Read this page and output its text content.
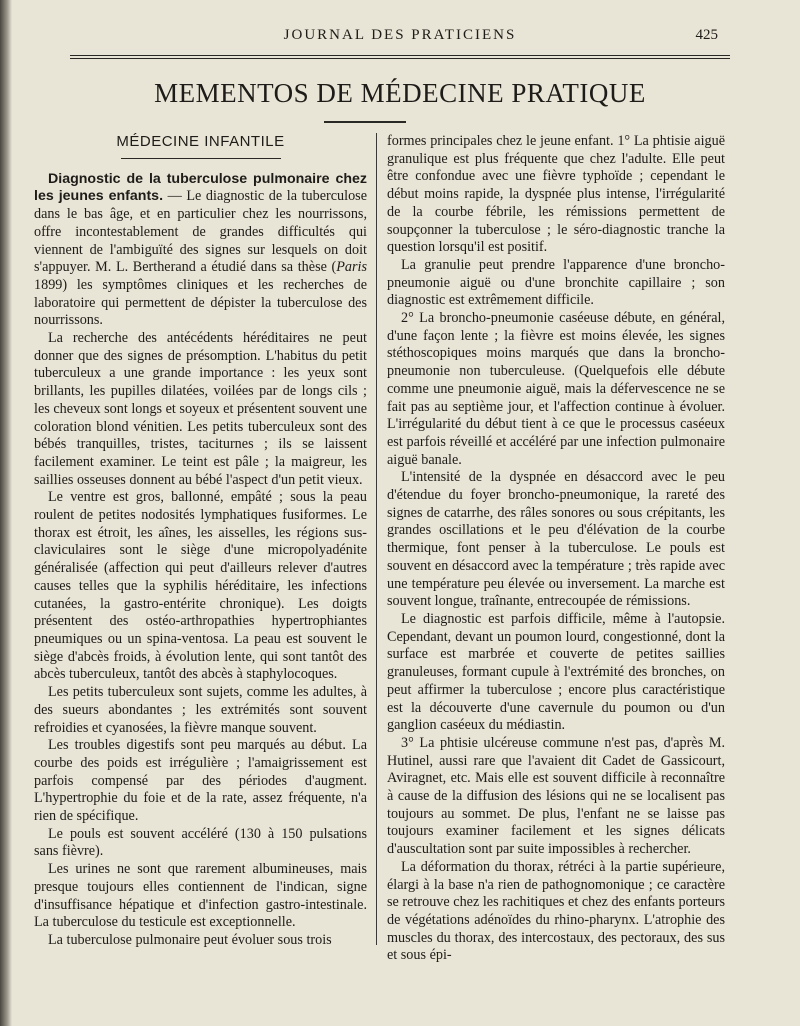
JOURNAL DES PRATICIENS	425
MEMENTOS DE MÉDECINE PRATIQUE
MÉDECINE INFANTILE

Diagnostic de la tuberculose pulmonaire chez les jeunes enfants. — Le diagnostic de la tuberculose dans le bas âge, et en particulier chez les nourrissons, offre incontestablement de grandes difficultés qui viennent de l'ambiguïté des signes sur lesquels on doit s'appuyer. M. L. Bertherand a étudié dans sa thèse (Paris 1899) les symptômes cliniques et les recherches de laboratoire qui permettent de dépister la tuberculose des nourrissons.

La recherche des antécédents héréditaires ne peut donner que des signes de présomption. L'habitus du petit tuberculeux a une grande importance : les yeux sont brillants, les pupilles dilatées, voilées par de longs cils ; les cheveux sont longs et soyeux et présentent souvent une coloration blond vénitien. Les petits tuberculeux sont des bébés tranquilles, tristes, taciturnes ; ils se laissent facilement examiner. Le teint est pâle ; la maigreur, les saillies osseuses donnent au bébé l'aspect d'un petit vieux.

Le ventre est gros, ballonné, empâté ; sous la peau roulent de petites nodosités lymphatiques fusiformes. Le thorax est étroit, les aînes, les aisselles, les régions sus-claviculaires sont le siège d'une micropolyadénite généralisée (affection qui peut d'ailleurs relever d'autres causes telles que la syphilis héréditaire, les infections cutanées, la gastro-entérite chronique). Les doigts présentent des ostéo-arthropathies hypertrophiantes pneumiques ou un spina-ventosa. La peau est souvent le siège d'abcès froids, à évolution lente, qui sont tantôt des abcès tuberculeux, tantôt des abcès à staphylocoques.

Les petits tuberculeux sont sujets, comme les adultes, à des sueurs abondantes ; les extrémités sont souvent refroidies et cyanosées, la fièvre manque souvent.

Les troubles digestifs sont peu marqués au début. La courbe des poids est irrégulière ; l'amaigrissement est parfois compensé par des périodes d'augment. L'hypertrophie du foie et de la rate, assez fréquente, n'a rien de spécifique.

Le pouls est souvent accéléré (130 à 150 pulsations sans fièvre).

Les urines ne sont que rarement albumineuses, mais presque toujours elles contiennent de l'indican, signe d'insuffisance hépatique et d'infection gastro-intestinale. La tuberculose du testicule est exceptionnelle.

La tuberculose pulmonaire peut évoluer sous trois

formes principales chez le jeune enfant. 1° La phtisie aiguë granulique est plus fréquente que chez l'adulte. Elle peut être confondue avec une fièvre typhoïde ; cependant le début moins rapide, la dyspnée plus intense, l'irrégularité de la courbe fébrile, les rémissions permettent de soupçonner la tuberculose ; le séro-diagnostic tranche la question lorsqu'il est positif.

La granulie peut prendre l'apparence d'une broncho-pneumonie aiguë ou d'une bronchite capillaire ; son diagnostic est extrêmement difficile.

2° La broncho-pneumonie caséeuse débute, en général, d'une façon lente ; la fièvre est moins élevée, les signes stéthoscopiques moins marqués que dans la broncho-pneumonie non tuberculeuse. (Quelquefois elle débute comme une pneumonie aiguë, mais la défervescence ne se fait pas au septième jour, et l'affection continue à évoluer. L'irrégularité du début tient à ce que le processus caséeux est parfois réveillé et accéléré par une infection pulmonaire aiguë banale.

L'intensité de la dyspnée en désaccord avec le peu d'étendue du foyer broncho-pneumonique, la rareté des signes de catarrhe, des râles sonores ou sous crépitants, les grandes oscillations et le peu d'élévation de la courbe thermique, font penser à la tuberculose. Le pouls est souvent en désaccord avec la température ; très rapide avec une température peu élevée ou inversement. La marche est souvent longue, traînante, entrecoupée de rémissions.

Le diagnostic est parfois difficile, même à l'autopsie. Cependant, devant un poumon lourd, congestionné, dont la surface est marbrée et couverte de petites saillies granuleuses, formant cupule à l'extrémité des bronches, on peut affirmer la tuberculose ; encore plus caractéristique est la découverte d'une cavernule du poumon ou d'un ganglion caséeux du médiastin.

3° La phtisie ulcéreuse commune n'est pas, d'après M. Hutinel, aussi rare que l'avaient dit Cadet de Gassicourt, Aviragnet, etc. Mais elle est souvent difficile à reconnaître à cause de la diffusion des lésions qui ne se localisent pas toujours au sommet. De plus, l'enfant ne se laisse pas toujours examiner facilement et les signes délicats d'auscultation sont par suite impossibles à rechercher.

La déformation du thorax, rétréci à la partie supérieure, élargi à la base n'a rien de pathognomonique ; ce caractère se retrouve chez les rachitiques et chez des enfants porteurs de végétations adénoïdes du rhino-pharynx. L'atrophie des muscles du thorax, des intercostaux, des pectoraux, des sus et sous épi-
